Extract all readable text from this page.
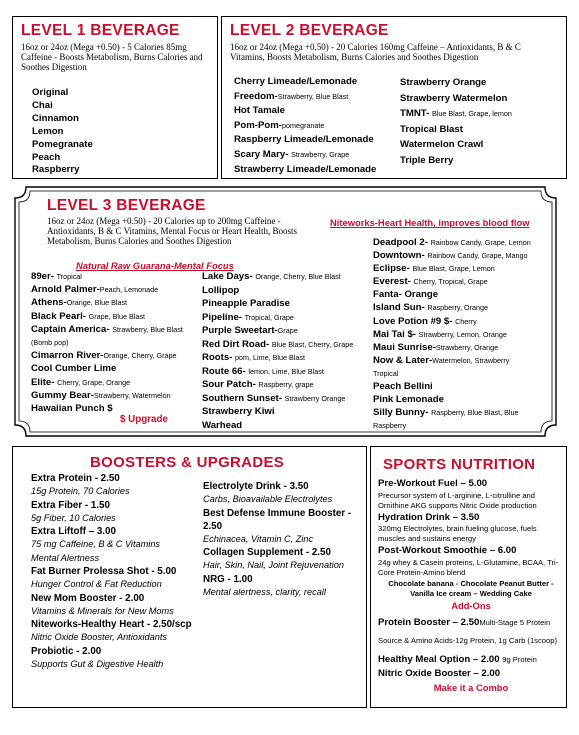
LEVEL 1 BEVERAGE
16oz or 24oz (Mega +0.50) - 5 Calories 85mg Caffeine - Boosts Metabolism, Burns Calories and Soothes Digestion
Original
Chai
Cinnamon
Lemon
Pomegranate
Peach
Raspberry
LEVEL 2 BEVERAGE
16oz or 24oz (Mega +0.50) - 20 Calories 160mg Caffeine – Antioxidants, B & C Vitamins, Boosts Metabolism, Burns Calories and Soothes Digestion
Cherry Limeade/Lemonade
Freedom-Strawberry, Blue Blast
Hot Tamale
Pom-Pom-pomegranate
Raspberry Limeade/Lemonade
Scary Mary- Strawberry, Grape
Strawberry Limeade/Lemonade
Strawberry Orange
Strawberry Watermelon
TMNT- Blue Blast, Grape, lemon
Tropical Blast
Watermelon Crawl
Triple Berry
LEVEL 3 BEVERAGE
16oz or 24oz (Mega +0.50) - 20 Calories up to 200mg Caffeine - Antioxidants, B & C Vitamins, Mental Focus or Heart Health, Boosts Metabolism, Burns Calories and Soothes Digestion
Niteworks-Heart Health, improves blood flow
Natural Raw Guarana-Mental Focus
89er- Tropical
Arnold Palmer-Peach, Lemonade
Athens-Orange, Blue Blast
Black Pearl- Grape, Blue Blast
Captain America- Strawberry, Blue Blast
(Bomb pop)
Cimarron River-Orange, Cherry, Grape
Cool Cumber Lime
Elite- Cherry, Grape, Orange
Gummy Bear-Strawberry, Watermelon
Hawaiian Punch $
$ Upgrade
Lake Days- Orange, Cherry, Blue Blast
Lollipop
Pineapple Paradise
Pipeline- Tropical, Grape
Purple Sweetart-Grape
Red Dirt Road- Blue Blast, Cherry, Grape
Roots- pom, Lime, Blue Blast
Route 66- lemon, Lime, Blue Blast
Sour Patch- Raspberry, grape
Southern Sunset- Strawberry Orange
Strawberry Kiwi
Warhead
Deadpool 2- Rainbow Candy, Grape, Lemon
Downtown- Rainbow Candy, Grape, Mango
Eclipse- Blue Blast, Grape, Lemon
Everest- Cherry, Tropical, Grape
Fanta- Orange
Island Sun- Raspberry, Orange
Love Potion #9 $- Cherry
Mai Tai $- Strawberry, Lemon, Orange
Maui Sunrise-Strawberry, Orange
Now & Later-Watermelon, Strawberry
Tropical
Peach Bellini
Pink Lemonade
Silly Bunny- Raspberry, Blue Blast, Blue
Raspberry
BOOSTERS & UPGRADES
Extra Protein - 2.50
15g Protein, 70 Calories
Extra Fiber - 1.50
5g Fiber, 10 Calories
Extra Liftoff – 3.00
75 mg Caffeine, B & C Vitamins
Mental Alertness
Fat Burner Prolessa Shot - 5.00
Hunger Control & Fat Reduction
New Mom Booster - 2.00
Vitamins & Minerals for New Moms
Niteworks-Healthy Heart - 2.50/scp
Nitric Oxide Booster, Antioxidants
Probiotic - 2.00
Supports Gut & Digestive Health
Electrolyte Drink - 3.50
Carbs, Bioavailable Electrolytes
Best Defense Immune Booster - 2.50
Echinacea, Vitamin C, Zinc
Collagen Supplement - 2.50
Hair, Skin, Nail, Joint Rejuvenation
NRG - 1.00
Mental alertness, clarity, recall
SPORTS NUTRITION
Pre-Workout Fuel – 5.00
Precursor system of L-arginine, L-citrulline and Ornithine AKG supports Nitric Oxide production
Hydration Drink – 3.50
320mg Electrolytes, brain fueling glucose, fuels muscles and sustains energy
Post-Workout Smoothie – 6.00
24g whey & Casein proteins, L-Glutamine, BCAA, Tri-Core Protein-Amino blend
Chocolate banana - Chocolate Peanut Butter -
Vanilla Ice cream – Wedding Cake
Add-Ons
Protein Booster – 2.50Multi-Stage 5 Protein Source & Amino Acids-12g Protein, 1g Carb (1scoop)
Healthy Meal Option – 2.00 9g Protein
Nitric Oxide Booster – 2.00
Make it a Combo
